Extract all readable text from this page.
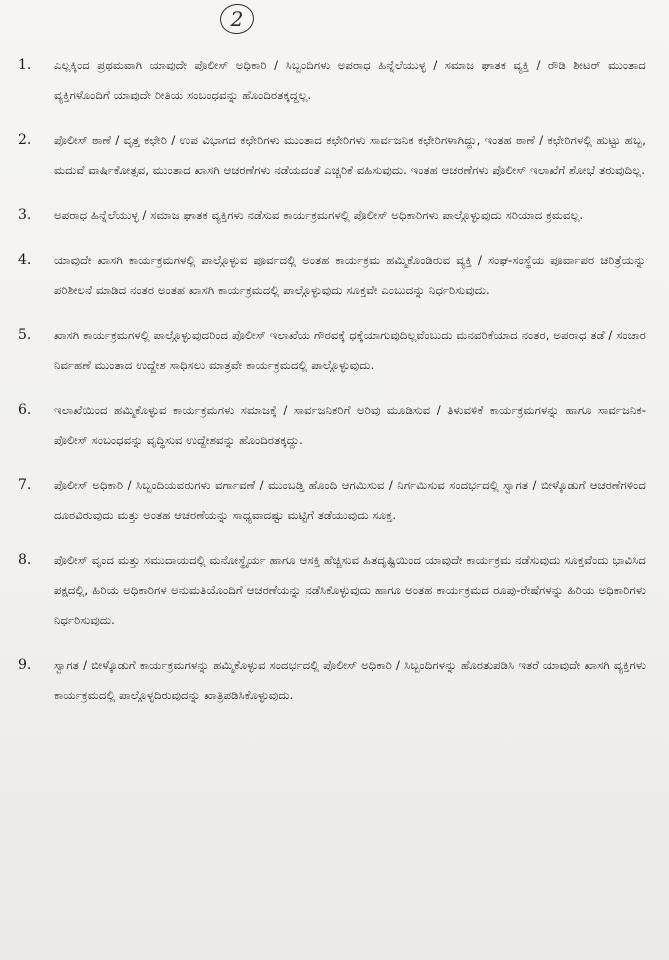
2
1.	ಎಲ್ಲಕ್ಕಿಂದ ಪ್ರಥಮವಾಗಿ ಯಾವುದೇ ಪೊಲೀಸ್ ಅಧಿಕಾರಿ / ಸಿಬ್ಬಂದಿಗಳು ಅಪರಾಧ ಹಿನ್ನೆಲೆಯುಳ್ಳ / ಸಮಾಜ ಘಾತಕ ವ್ಯಕ್ತಿ / ರೌಡಿ ಶೀಟರ್ ಮುಂತಾದ ವ್ಯಕ್ತಿಗಳೊಂದಿಗೆ ಯಾವುದೇ ರೀತಿಯ ಸಂಬಂಧವನ್ನು ಹೊಂದಿರತಕ್ಕದ್ದಲ್ಲ.
2.	ಪೊಲೀಸ್ ಠಾಣೆ / ವೃತ್ತ ಕಛೇರಿ / ಉಪ ವಿಭಾಗದ ಕಛೇರಿಗಳು ಮುಂತಾದ ಕಛೇರಿಗಳು ಸಾರ್ವಜನಿಕ ಕಛೇರಿಗಳಾಗಿದ್ದು, ಇಂತಹ ಠಾಣೆ / ಕಛೇರಿಗಳಲ್ಲಿ ಹುಟ್ಟು ಹಬ್ಬ, ಮದುವೆ ವಾರ್ಷಿಕೋತ್ಸವ, ಮುಂತಾದ ಖಾಸಗಿ ಆಚರಣೆಗಳು ನಡೆಯದಂತೆ ಎಚ್ಚರಿಕೆ ವಹಿಸುವುದು. ಇಂತಹ ಆಚರಣೆಗಳು ಪೊಲೀಸ್ ಇಲಾಖೆಗೆ ಶೋಭೆ ತರುವುದಿಲ್ಲ.
3.	ಅಪರಾಧ ಹಿನ್ನೆಲೆಯುಳ್ಳ / ಸಮಾಜ ಘಾತಕ ವ್ಯಕ್ತಿಗಳು ನಡೆಸುವ ಕಾರ್ಯಕ್ರಮಗಳಲ್ಲಿ ಪೊಲೀಸ್ ಅಧಿಕಾರಿಗಳು ಪಾಲ್ಗೊಳ್ಳುವುದು ಸರಿಯಾದ ಕ್ರಮವಲ್ಲ.
4.	ಯಾವುದೇ ಖಾಸಗಿ ಕಾರ್ಯಕ್ರಮಗಳಲ್ಲಿ ಪಾಲ್ಗೊಳ್ಳುವ ಪೂರ್ವದಲ್ಲಿ ಅಂತಹ ಕಾರ್ಯಕ್ರಮ ಹಮ್ಮಿಕೊಂಡಿರುವ ವ್ಯಕ್ತಿ / ಸಂಘ-ಸಂಸ್ಥೆಯ ಪೂರ್ವಾಪರ ಚರಿತ್ರೆಯನ್ನು ಪರಿಶೀಲನೆ ಮಾಡಿದ ನಂತರ ಅಂತಹ ಖಾಸಗಿ ಕಾರ್ಯಕ್ರಮದಲ್ಲಿ ಪಾಲ್ಗೊಳ್ಳುವುದು ಸೂಕ್ತವೇ ಎಂಬುದನ್ನು ನಿರ್ಧರಿಸುವುದು.
5.	ಖಾಸಗಿ ಕಾರ್ಯಕ್ರಮಗಳಲ್ಲಿ ಪಾಲ್ಗೊಳ್ಳುವುದರಿಂದ ಪೊಲೀಸ್ ಇಲಾಖೆಯ ಗೌರವಕ್ಕೆ ಧಕ್ಕೆಯಾಗುವುದಿಲ್ಲವೆಂಬುದು ಮನವರಿಕೆಯಾದ ನಂತರ, ಅಪರಾಧ ತಡೆ / ಸಂಚಾರ ನಿರ್ವಹಣೆ ಮುಂತಾದ ಉದ್ದೇಶ ಸಾಧಿಸಲು ಮಾತ್ರವೇ ಕಾರ್ಯಕ್ರಮದಲ್ಲಿ ಪಾಲ್ಗೊಳ್ಳುವುದು.
6.	ಇಲಾಖೆಯಿಂದ ಹಮ್ಮಿಕೊಳ್ಳುವ ಕಾರ್ಯಕ್ರಮಗಳು ಸಮಾಜಕ್ಕೆ / ಸಾರ್ವಜನಿಕರಿಗೆ ಅರಿವು ಮೂಡಿಸುವ / ತಿಳುವಳಿಕೆ ಕಾರ್ಯಕ್ರಮಗಳನ್ನು ಹಾಗೂ ಸಾರ್ವಜನಿಕ-ಪೊಲೀಸ್ ಸಂಬಂಧವನ್ನು ವೃದ್ಧಿಸುವ ಉದ್ದೇಶವನ್ನು ಹೊಂದಿರತಕ್ಕದ್ದು.
7.	ಪೊಲೀಸ್ ಅಧಿಕಾರಿ / ಸಿಬ್ಬಂದಿಯವರುಗಳು ವರ್ಗಾವಣೆ / ಮುಂಬಡ್ತಿ ಹೊಂದಿ ಆಗಮಿಸುವ / ನಿರ್ಗಮಿಸುವ ಸಂದರ್ಭದಲ್ಲಿ ಸ್ವಾಗತ / ಬೀಳ್ಕೊಡುಗೆ ಆಚರಣೆಗಳಿಂದ ದೂರವಿರುವುದು ಮತ್ತು ಅಂತಹ ಆಚರಣೆಯನ್ನು ಸಾಧ್ಯವಾದಷ್ಟು ಮಟ್ಟಿಗೆ ತಡೆಯುವುದು ಸೂಕ್ತ.
8.	ಪೊಲೀಸ್ ವೃಂದ ಮತ್ತು ಸಮುದಾಯದಲ್ಲಿ ಮನೋಸ್ಥೈರ್ಯ ಹಾಗೂ ಆಸಕ್ತಿ ಹೆಚ್ಚಿಸುವ ಹಿತದೃಷ್ಟಿಯಿಂದ ಯಾವುದೇ ಕಾರ್ಯಕ್ರಮ ನಡೆಸುವುದು ಸೂಕ್ತವೆಂದು ಭಾವಿಸಿದ ಪಕ್ಷದಲ್ಲಿ, ಹಿರಿಯ ಅಧಿಕಾರಿಗಳ ಅನುಮತಿಯೊಂದಿಗೆ ಆಚರಣೆಯನ್ನು ನಡೆಸಿಕೊಳ್ಳುವುದು ಹಾಗೂ ಅಂತಹ ಕಾರ್ಯಕ್ರಮದ ರೂಪು-ರೇಷೆಗಳನ್ನು ಹಿರಿಯ ಅಧಿಕಾರಿಗಳು ನಿರ್ಧರಿಸುವುದು.
9.	ಸ್ವಾಗತ / ಬೀಳ್ಕೊಡುಗೆ ಕಾರ್ಯಕ್ರಮಗಳನ್ನು ಹಮ್ಮಿಕೊಳ್ಳುವ ಸಂದರ್ಭದಲ್ಲಿ ಪೊಲೀಸ್ ಅಧಿಕಾರಿ / ಸಿಬ್ಬಂದಿಗಳನ್ನು ಹೊರತುಪಡಿಸಿ ಇತರೆ ಯಾವುದೇ ಖಾಸಗಿ ವ್ಯಕ್ತಿಗಳು ಕಾರ್ಯಕ್ರಮದಲ್ಲಿ ಪಾಲ್ಗೊಳ್ಳದಿರುವುದನ್ನು ಖಾತ್ರಿಪಡಿಸಿಕೊಳ್ಳುವುದು.
